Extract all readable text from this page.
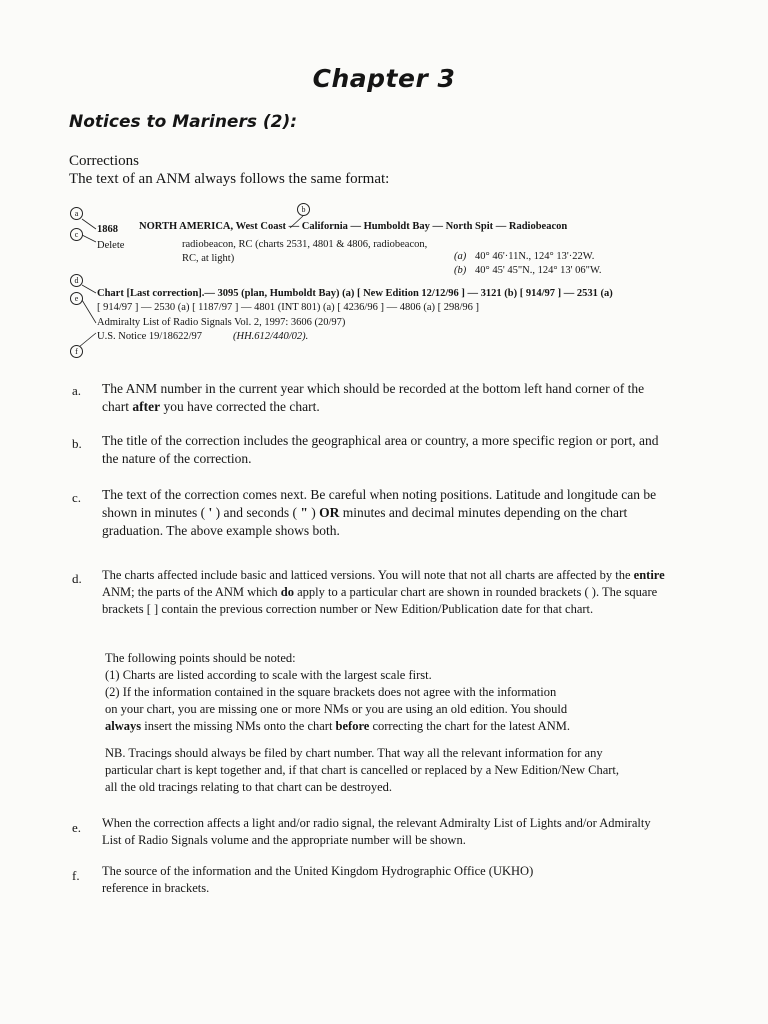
Chapter 3
Notices to Mariners (2):
Corrections
The text of an ANM always follows the same format:
a	b
c
d
e
f
1868 NORTH AMERICA, West Coast — California — Humboldt Bay — North Spit — Radiobeacon
Delete	radiobeacon, RC (charts 2531, 4801 & 4806, radiobeacon,
RC, at light)	(a) 40° 46'·11N., 124° 13'·22W.
(b) 40° 45' 45"N., 124° 13' 06"W.
Chart [Last correction].— 3095 (plan, Humboldt Bay) (a) [ New Edition 12/12/96 ] — 3121 (b) [ 914/97 ] — 2531 (a)
[ 914/97 ] — 2530 (a) [ 1187/97 ] — 4801 (INT 801) (a) [ 4236/96 ] — 4806 (a) [ 298/96 ]
Admiralty List of Radio Signals Vol. 2, 1997: 3606 (20/97)
U.S. Notice 19/18622/97	(HH.612/440/02).
a. The ANM number in the current year which should be recorded at the bottom left hand corner of the chart after you have corrected the chart.
b. The title of the correction includes the geographical area or country, a more specific region or port, and the nature of the correction.
c. The text of the correction comes next. Be careful when noting positions. Latitude and longitude can be shown in minutes ( ' ) and seconds ( " ) OR minutes and decimal minutes depending on the chart graduation. The above example shows both.
d. The charts affected include basic and latticed versions. You will note that not all charts are affected by the entire ANM; the parts of the ANM which do apply to a particular chart are shown in rounded brackets ( ). The square brackets [ ] contain the previous correction number or New Edition/Publication date for that chart.
The following points should be noted:
(1) Charts are listed according to scale with the largest scale first.
(2) If the information contained in the square brackets does not agree with the information
on your chart, you are missing one or more NMs or you are using an old edition. You should
always insert the missing NMs onto the chart before correcting the chart for the latest ANM.
NB. Tracings should always be filed by chart number. That way all the relevant information for any particular chart is kept together and, if that chart is cancelled or replaced by a New Edition/New Chart, all the old tracings relating to that chart can be destroyed.
e. When the correction affects a light and/or radio signal, the relevant Admiralty List of Lights and/or Admiralty List of Radio Signals volume and the appropriate number will be shown.
f. The source of the information and the United Kingdom Hydrographic Office (UKHO) reference in brackets.
